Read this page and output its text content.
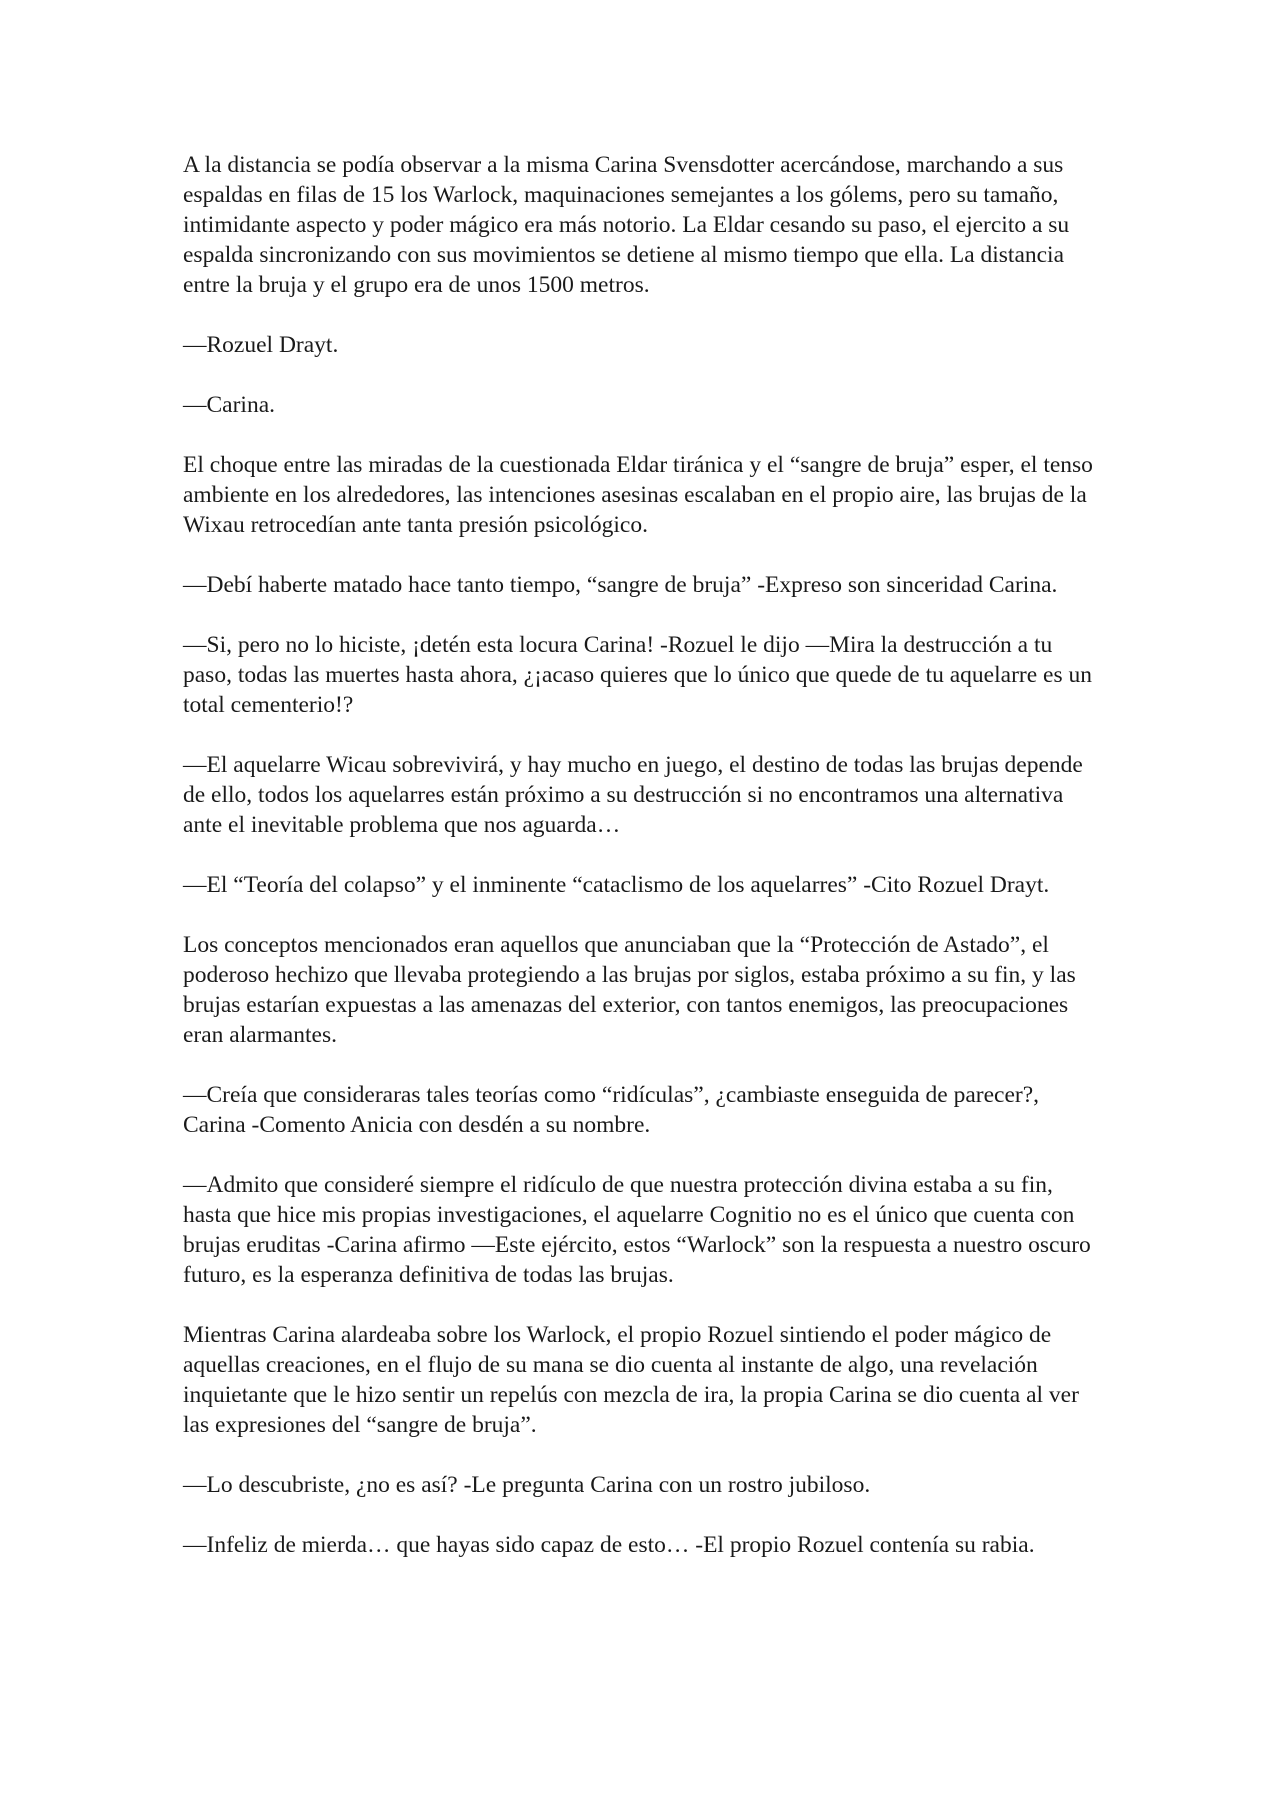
A la distancia se podía observar a la misma Carina Svensdotter acercándose, marchando a sus espaldas en filas de 15 los Warlock, maquinaciones semejantes a los gólems, pero su tamaño, intimidante aspecto y poder mágico era más notorio. La Eldar cesando su paso, el ejercito a su espalda sincronizando con sus movimientos se detiene al mismo tiempo que ella. La distancia entre la bruja y el grupo era de unos 1500 metros.

—Rozuel Drayt.

—Carina.

El choque entre las miradas de la cuestionada Eldar tiránica y el “sangre de bruja” esper, el tenso ambiente en los alrededores, las intenciones asesinas escalaban en el propio aire, las brujas de la Wixau retrocedían ante tanta presión psicológico.

—Debí haberte matado hace tanto tiempo, “sangre de bruja” -Expreso son sinceridad Carina.

—Si, pero no lo hiciste, ¡detén esta locura Carina! -Rozuel le dijo —Mira la destrucción a tu paso, todas las muertes hasta ahora, ¿¡acaso quieres que lo único que quede de tu aquelarre es un total cementerio!?

—El aquelarre Wicau sobrevivirá, y hay mucho en juego, el destino de todas las brujas depende de ello, todos los aquelarres están próximo a su destrucción si no encontramos una alternativa ante el inevitable problema que nos aguarda…

—El “Teoría del colapso” y el inminente “cataclismo de los aquelarres” -Cito Rozuel Drayt.

Los conceptos mencionados eran aquellos que anunciaban que la “Protección de Astado”, el poderoso hechizo que llevaba protegiendo a las brujas por siglos, estaba próximo a su fin, y las brujas estarían expuestas a las amenazas del exterior, con tantos enemigos, las preocupaciones eran alarmantes.

—Creía que consideraras tales teorías como “ridículas”, ¿cambiaste enseguida de parecer?, Carina -Comento Anicia con desdén a su nombre.

—Admito que consideré siempre el ridículo de que nuestra protección divina estaba a su fin, hasta que hice mis propias investigaciones, el aquelarre Cognitio no es el único que cuenta con brujas eruditas -Carina afirmo —Este ejército, estos “Warlock” son la respuesta a nuestro oscuro futuro, es la esperanza definitiva de todas las brujas.

Mientras Carina alardeaba sobre los Warlock, el propio Rozuel sintiendo el poder mágico de aquellas creaciones, en el flujo de su mana se dio cuenta al instante de algo, una revelación inquietante que le hizo sentir un repelús con mezcla de ira, la propia Carina se dio cuenta al ver las expresiones del “sangre de bruja”.

—Lo descubriste, ¿no es así? -Le pregunta Carina con un rostro jubiloso.

—Infeliz de mierda… que hayas sido capaz de esto… -El propio Rozuel contenía su rabia.
